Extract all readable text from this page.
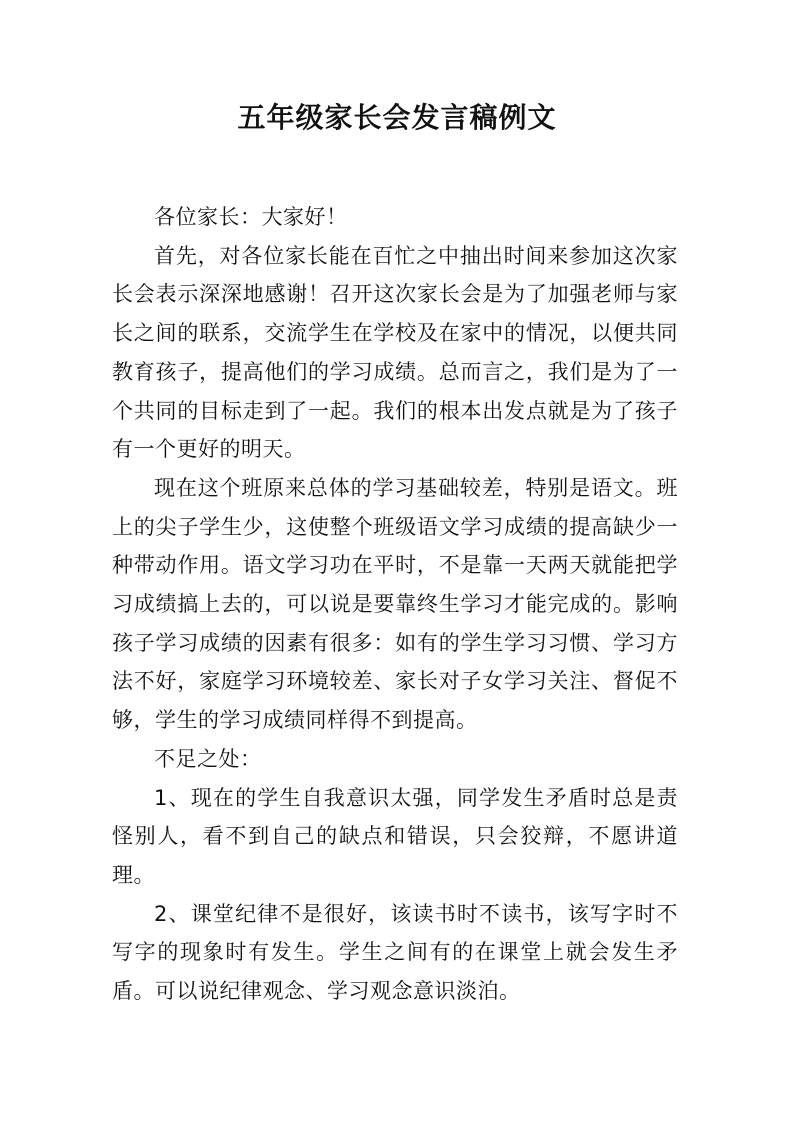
五年级家长会发言稿例文

各位家长：大家好！

首先，对各位家长能在百忙之中抽出时间来参加这次家长会表示深深地感谢！召开这次家长会是为了加强老师与家长之间的联系，交流学生在学校及在家中的情况，以便共同教育孩子，提高他们的学习成绩。总而言之，我们是为了一个共同的目标走到了一起。我们的根本出发点就是为了孩子有一个更好的明天。

现在这个班原来总体的学习基础较差，特别是语文。班上的尖子学生少，这使整个班级语文学习成绩的提高缺少一种带动作用。语文学习功在平时，不是靠一天两天就能把学习成绩搞上去的，可以说是要靠终生学习才能完成的。影响孩子学习成绩的因素有很多：如有的学生学习习惯、学习方法不好，家庭学习环境较差、家长对子女学习关注、督促不够，学生的学习成绩同样得不到提高。

不足之处：

1、现在的学生自我意识太强，同学发生矛盾时总是责怪别人，看不到自己的缺点和错误，只会狡辩，不愿讲道理。

2、课堂纪律不是很好，该读书时不读书，该写字时不写字的现象时有发生。学生之间有的在课堂上就会发生矛盾。可以说纪律观念、学习观念意识淡泊。
